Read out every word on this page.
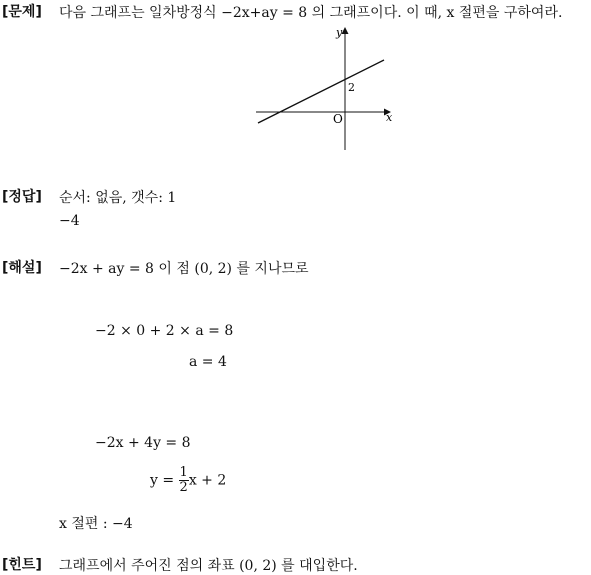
[문제] 다음 그래프는 일차방정식 −2x+ay = 8 의 그래프이다. 이 때, x 절편을 구하여라.
y
x
O
2
[정답] 순서: 없음, 갯수: 1
−4
[해설] −2x + ay = 8 이 점 (0, 2) 를 지나므로
−2 × 0 + 2 × a = 8
a = 4
−2x + 4y = 8
$y = \frac{1}{2}$ x + 2
x 절편 : −4
[힌트] 그래프에서 주어진 점의 좌표 (0, 2) 를 대입한다.
